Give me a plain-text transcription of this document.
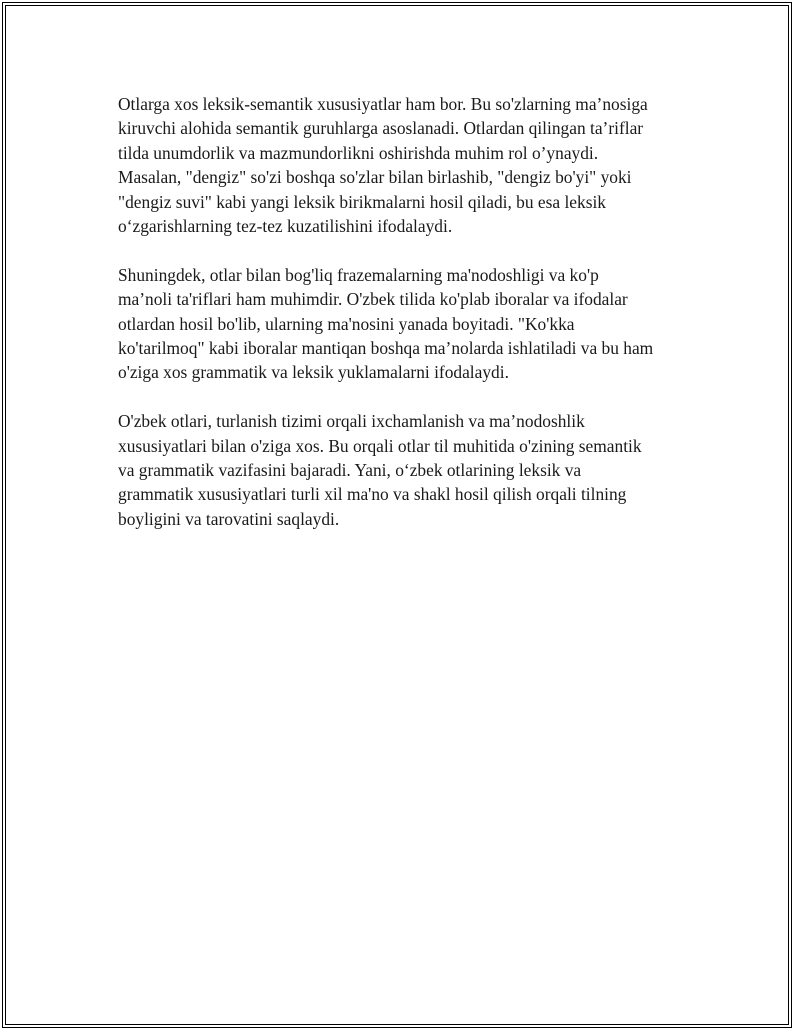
Otlarga xos leksik-semantik xususiyatlar ham bor. Bu so'zlarning ma’nosiga
kiruvchi alohida semantik guruhlarga asoslanadi. Otlardan qilingan ta’riflar
tilda unumdorlik va mazmundorlikni oshirishda muhim rol o’ynaydi.
Masalan, "dengiz" so'zi boshqa so'zlar bilan birlashib, "dengiz bo'yi" yoki
"dengiz suvi" kabi yangi leksik birikmalarni hosil qiladi, bu esa leksik
o‘zgarishlarning tez-tez kuzatilishini ifodalaydi.

Shuningdek, otlar bilan bog'liq frazemalarning ma'nodoshligi va ko'p
ma’noli ta'riflari ham muhimdir. O'zbek tilida ko'plab iboralar va ifodalar
otlardan hosil bo'lib, ularning ma'nosini yanada boyitadi. "Ko'kka
ko'tarilmoq" kabi iboralar mantiqan boshqa ma’nolarda ishlatiladi va bu ham
o'ziga xos grammatik va leksik yuklamalarni ifodalaydi.

O'zbek otlari, turlanish tizimi orqali ixchamlanish va ma’nodoshlik
xususiyatlari bilan o'ziga xos. Bu orqali otlar til muhitida o'zining semantik
va grammatik vazifasini bajaradi. Yani, o‘zbek otlarining leksik va
grammatik xususiyatlari turli xil ma'no va shakl hosil qilish orqali tilning
boyligini va tarovatini saqlaydi.
